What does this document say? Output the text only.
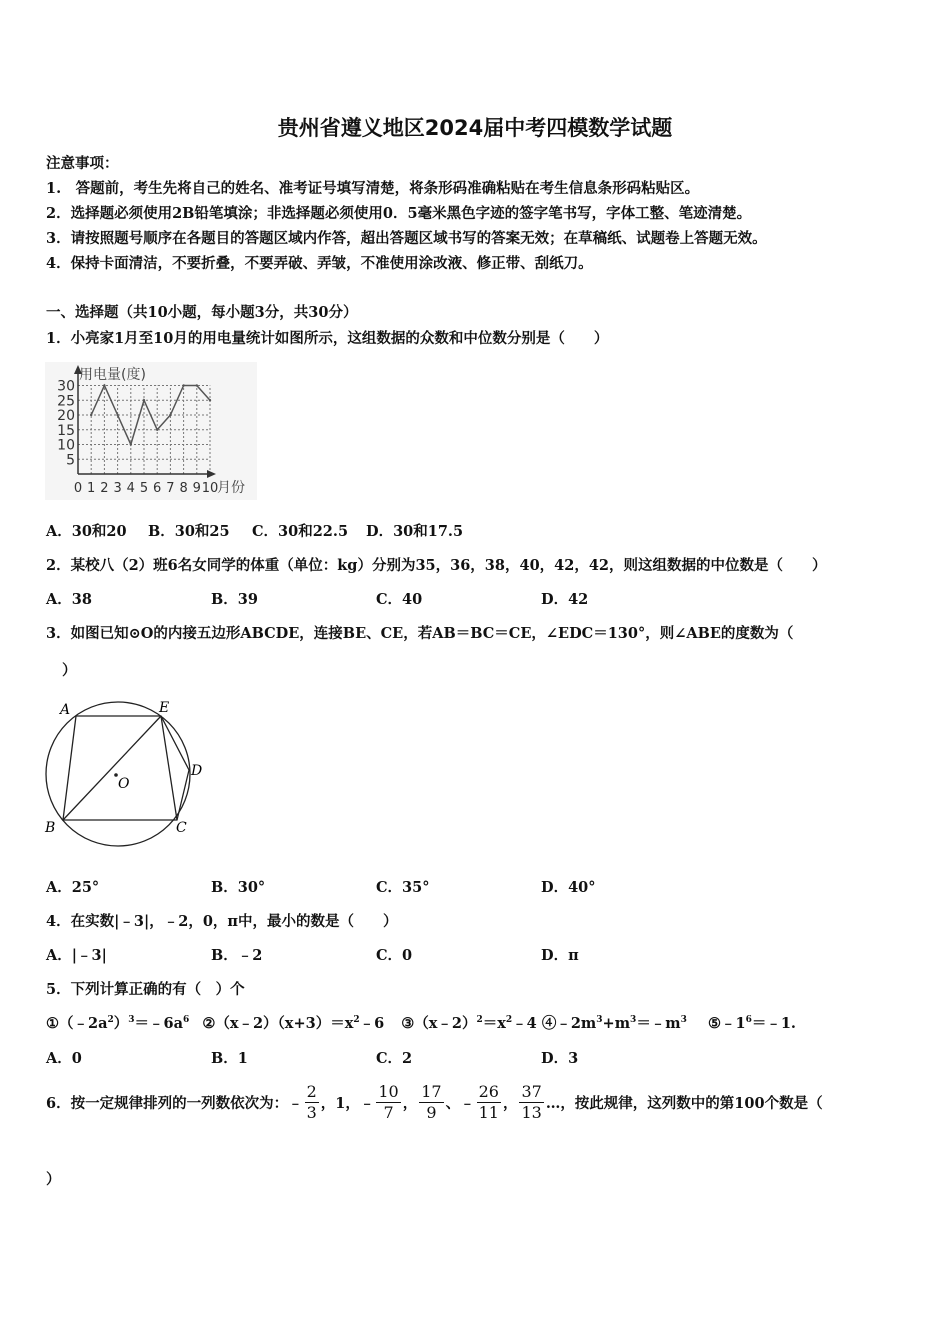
贵州省遵义地区2024届中考四模数学试题
注意事项：
1.　答题前，考生先将自己的姓名、准考证号填写清楚，将条形码准确粘贴在考生信息条形码粘贴区。
2．选择题必须使用2B铅笔填涂；非选择题必须使用0．5毫米黑色字迹的签字笔书写，字体工整、笔迹清楚。
3．请按照题号顺序在各题目的答题区域内作答，超出答题区域书写的答案无效；在草稿纸、试题卷上答题无效。
4．保持卡面清洁，不要折叠，不要弄破、弄皱，不准使用涂改液、修正带、刮纸刀。
一、选择题（共10小题，每小题3分，共30分）
1．小亮家1月至10月的用电量统计如图所示，这组数据的众数和中位数分别是（　　）
用电量(度)
月份
5
10
15
20
25
30
0 1 2 3 4 5 6 7 8 9 10
A．30和20 B．30和25 C．30和22.5 D．30和17.5
2．某校八（2）班6名女同学的体重（单位：kg）分别为35，36，38，40，42，42，则这组数据的中位数是（　　）
A．38	B．39	C．40	D．42
3．如图已知⊙O的内接五边形ABCDE，连接BE、CE，若AB＝BC＝CE，∠EDC＝130°，则∠ABE的度数为（
）
A	E
D
C
B
O
A．25°	B．30°	C．35°	D．40°
4．在实数|﹣3|，﹣2，0，π中，最小的数是（　　）
A．|﹣3|	B．﹣2	C．0	D．π
5．下列计算正确的有（　）个
$①(﹣2a^2)^3=﹣6a^6$ $②(x﹣2)(x+3)=x^2﹣6$ $③(x﹣2)^2=x^2﹣4$ $④﹣2m^3+m^3=﹣m^3$ $⑤﹣1^6=﹣1$.
A．0	B．1	C．2	D．3
6．按一定规律排列的一列数依次为：﹣ $\frac{2}{3}$ ，1，﹣ $\frac{10}{7}$ ， $\frac{17}{9}$ 、﹣ $\frac{26}{11}$ ， $\frac{37}{13}$ …，按此规律，这列数中的第100个数是（
）
